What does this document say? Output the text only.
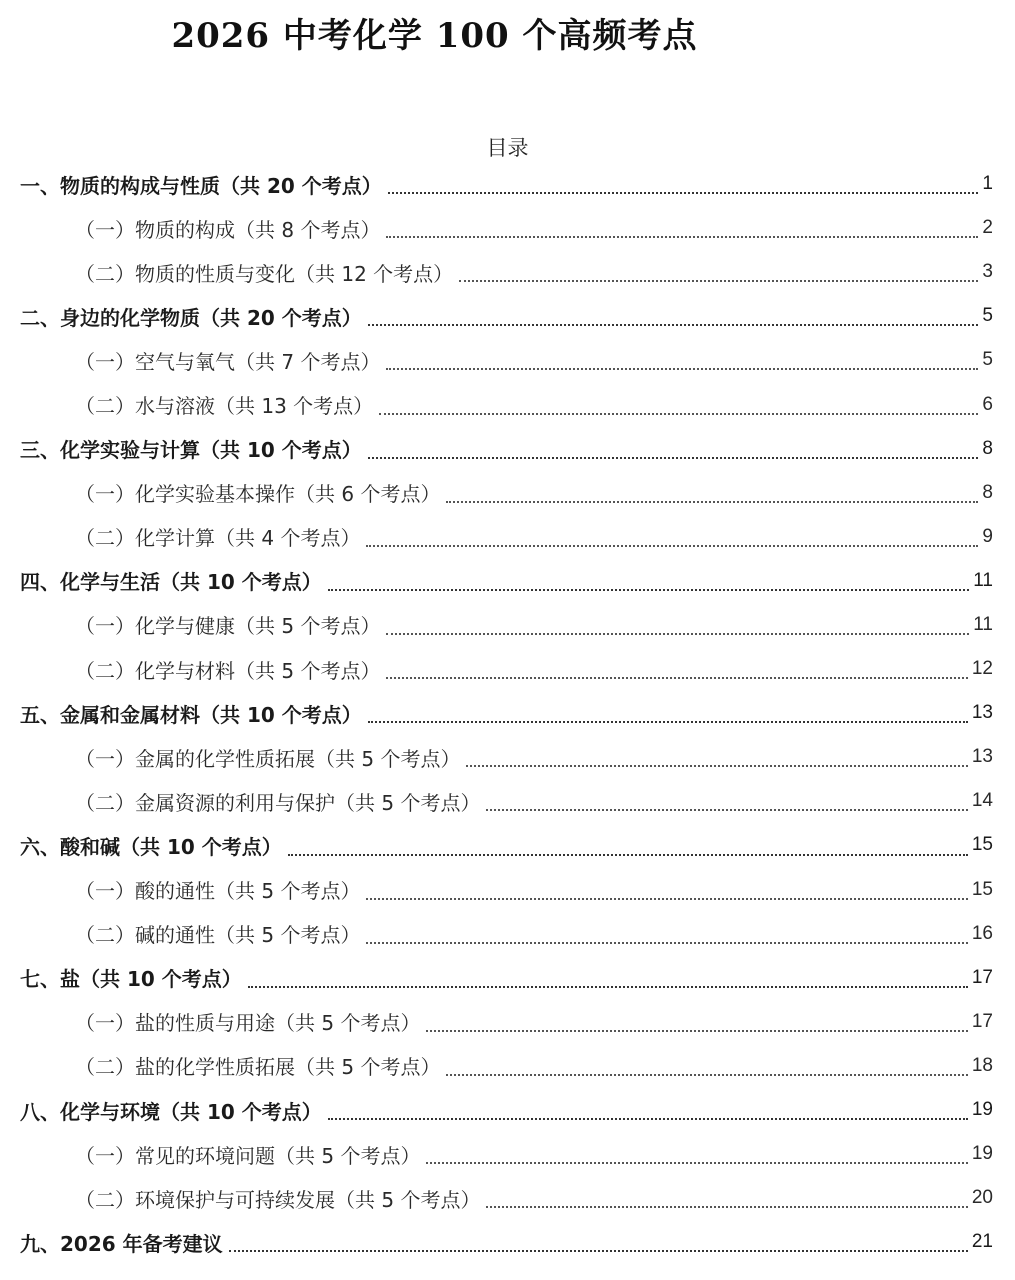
2026 中考化学 100 个高频考点
目录
一、物质的构成与性质（共 20 个考点）	1
（一）物质的构成（共 8 个考点）	2
（二）物质的性质与变化（共 12 个考点）	3
二、身边的化学物质（共 20 个考点）	5
（一）空气与氧气（共 7 个考点）	5
（二）水与溶液（共 13 个考点）	6
三、化学实验与计算（共 10 个考点）	8
（一）化学实验基本操作（共 6 个考点）	8
（二）化学计算（共 4 个考点）	9
四、化学与生活（共 10 个考点）	11
（一）化学与健康（共 5 个考点）	11
（二）化学与材料（共 5 个考点）	12
五、金属和金属材料（共 10 个考点）	13
（一）金属的化学性质拓展（共 5 个考点）	13
（二）金属资源的利用与保护（共 5 个考点）	14
六、酸和碱（共 10 个考点）	15
（一）酸的通性（共 5 个考点）	15
（二）碱的通性（共 5 个考点）	16
七、盐（共 10 个考点）	17
（一）盐的性质与用途（共 5 个考点）	17
（二）盐的化学性质拓展（共 5 个考点）	18
八、化学与环境（共 10 个考点）	19
（一）常见的环境问题（共 5 个考点）	19
（二）环境保护与可持续发展（共 5 个考点）	20
九、2026 年备考建议	21
